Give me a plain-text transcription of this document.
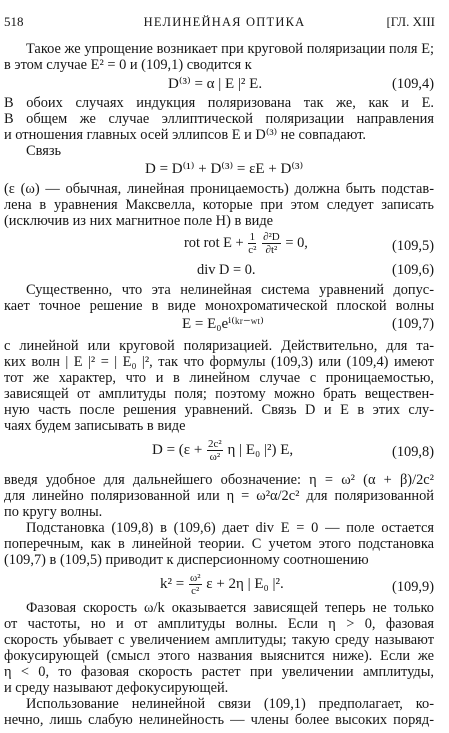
518	НЕЛИНЕЙНАЯ ОПТИКА	[ГЛ. XIII
Такое же упрощение возникает при круговой поляризации поля E;
в этом случае E² = 0 и (109,1) сводится к
D⁽³⁾ = α | E |² E.	(109,4)
В обоих случаях индукция поляризована так же, как и E.
В общем же случае эллиптической поляризации направления
и отношения главных осей эллипсов E и D⁽³⁾ не совпадают.
Связь
D = D⁽¹⁾ + D⁽³⁾ = εE + D⁽³⁾
(ε (ω) — обычная, линейная проницаемость) должна быть подстав-
лена в уравнения Максвелла, которые при этом следует записать
(исключив из них магнитное поле H) в виде
rot rot $E + \frac{1}{\text{c²}}$
$\frac{\text{∂²D}}{\text{∂t²}} = 0$,	(109,5)
div D = 0.	(109,6)
Существенно, что эта нелинейная система уравнений допус-
кает точное решение в виде монохроматической плоской волны
E = E₀eⁱ⁽ᵏʳ⁻ʷᵗ⁾	(109,7)
с линейной или круговой поляризацией. Действительно, для та-
ких волн | E |² = | E₀ |², так что формулы (109,3) или (109,4) имеют
тот же характер, что и в линейном случае с проницаемостью,
зависящей от амплитуды поля; поэтому можно брать веществен-
ную часть после решения уравнений. Связь D и E в этих слу-
чаях будем записывать в виде
$D = (\varepsilon + \frac{\text{2c²}}{\text{ω²}}$ η | E₀ |²) E,	(109,8)
введя удобное для дальнейшего обозначение: η = ω² (α + β)/2c²
для линейно поляризованной или η = ω²α/2c² для поляризованной
по кругу волны.
Подстановка (109,8) в (109,6) дает div E = 0 — поле остается
поперечным, как в линейной теории. С учетом этого подстановка
(109,7) в (109,5) приводит к дисперсионному соотношению
$k^2 = \frac{\text{ω²}}{\text{c²}}$ ε + 2η | E₀ |².	(109,9)
Фазовая скорость ω/k оказывается зависящей теперь не только
от частоты, но и от амплитуды волны. Если η > 0, фазовая
скорость убывает с увеличением амплитуды; такую среду называют
фокусирующей (смысл этого названия выяснится ниже). Если же
η < 0, то фазовая скорость растет при увеличении амплитуды,
и среду называют дефокусирующей.
Использование нелинейной связи (109,1) предполагает, ко-
нечно, лишь слабую нелинейность — члены более высоких поряд-
